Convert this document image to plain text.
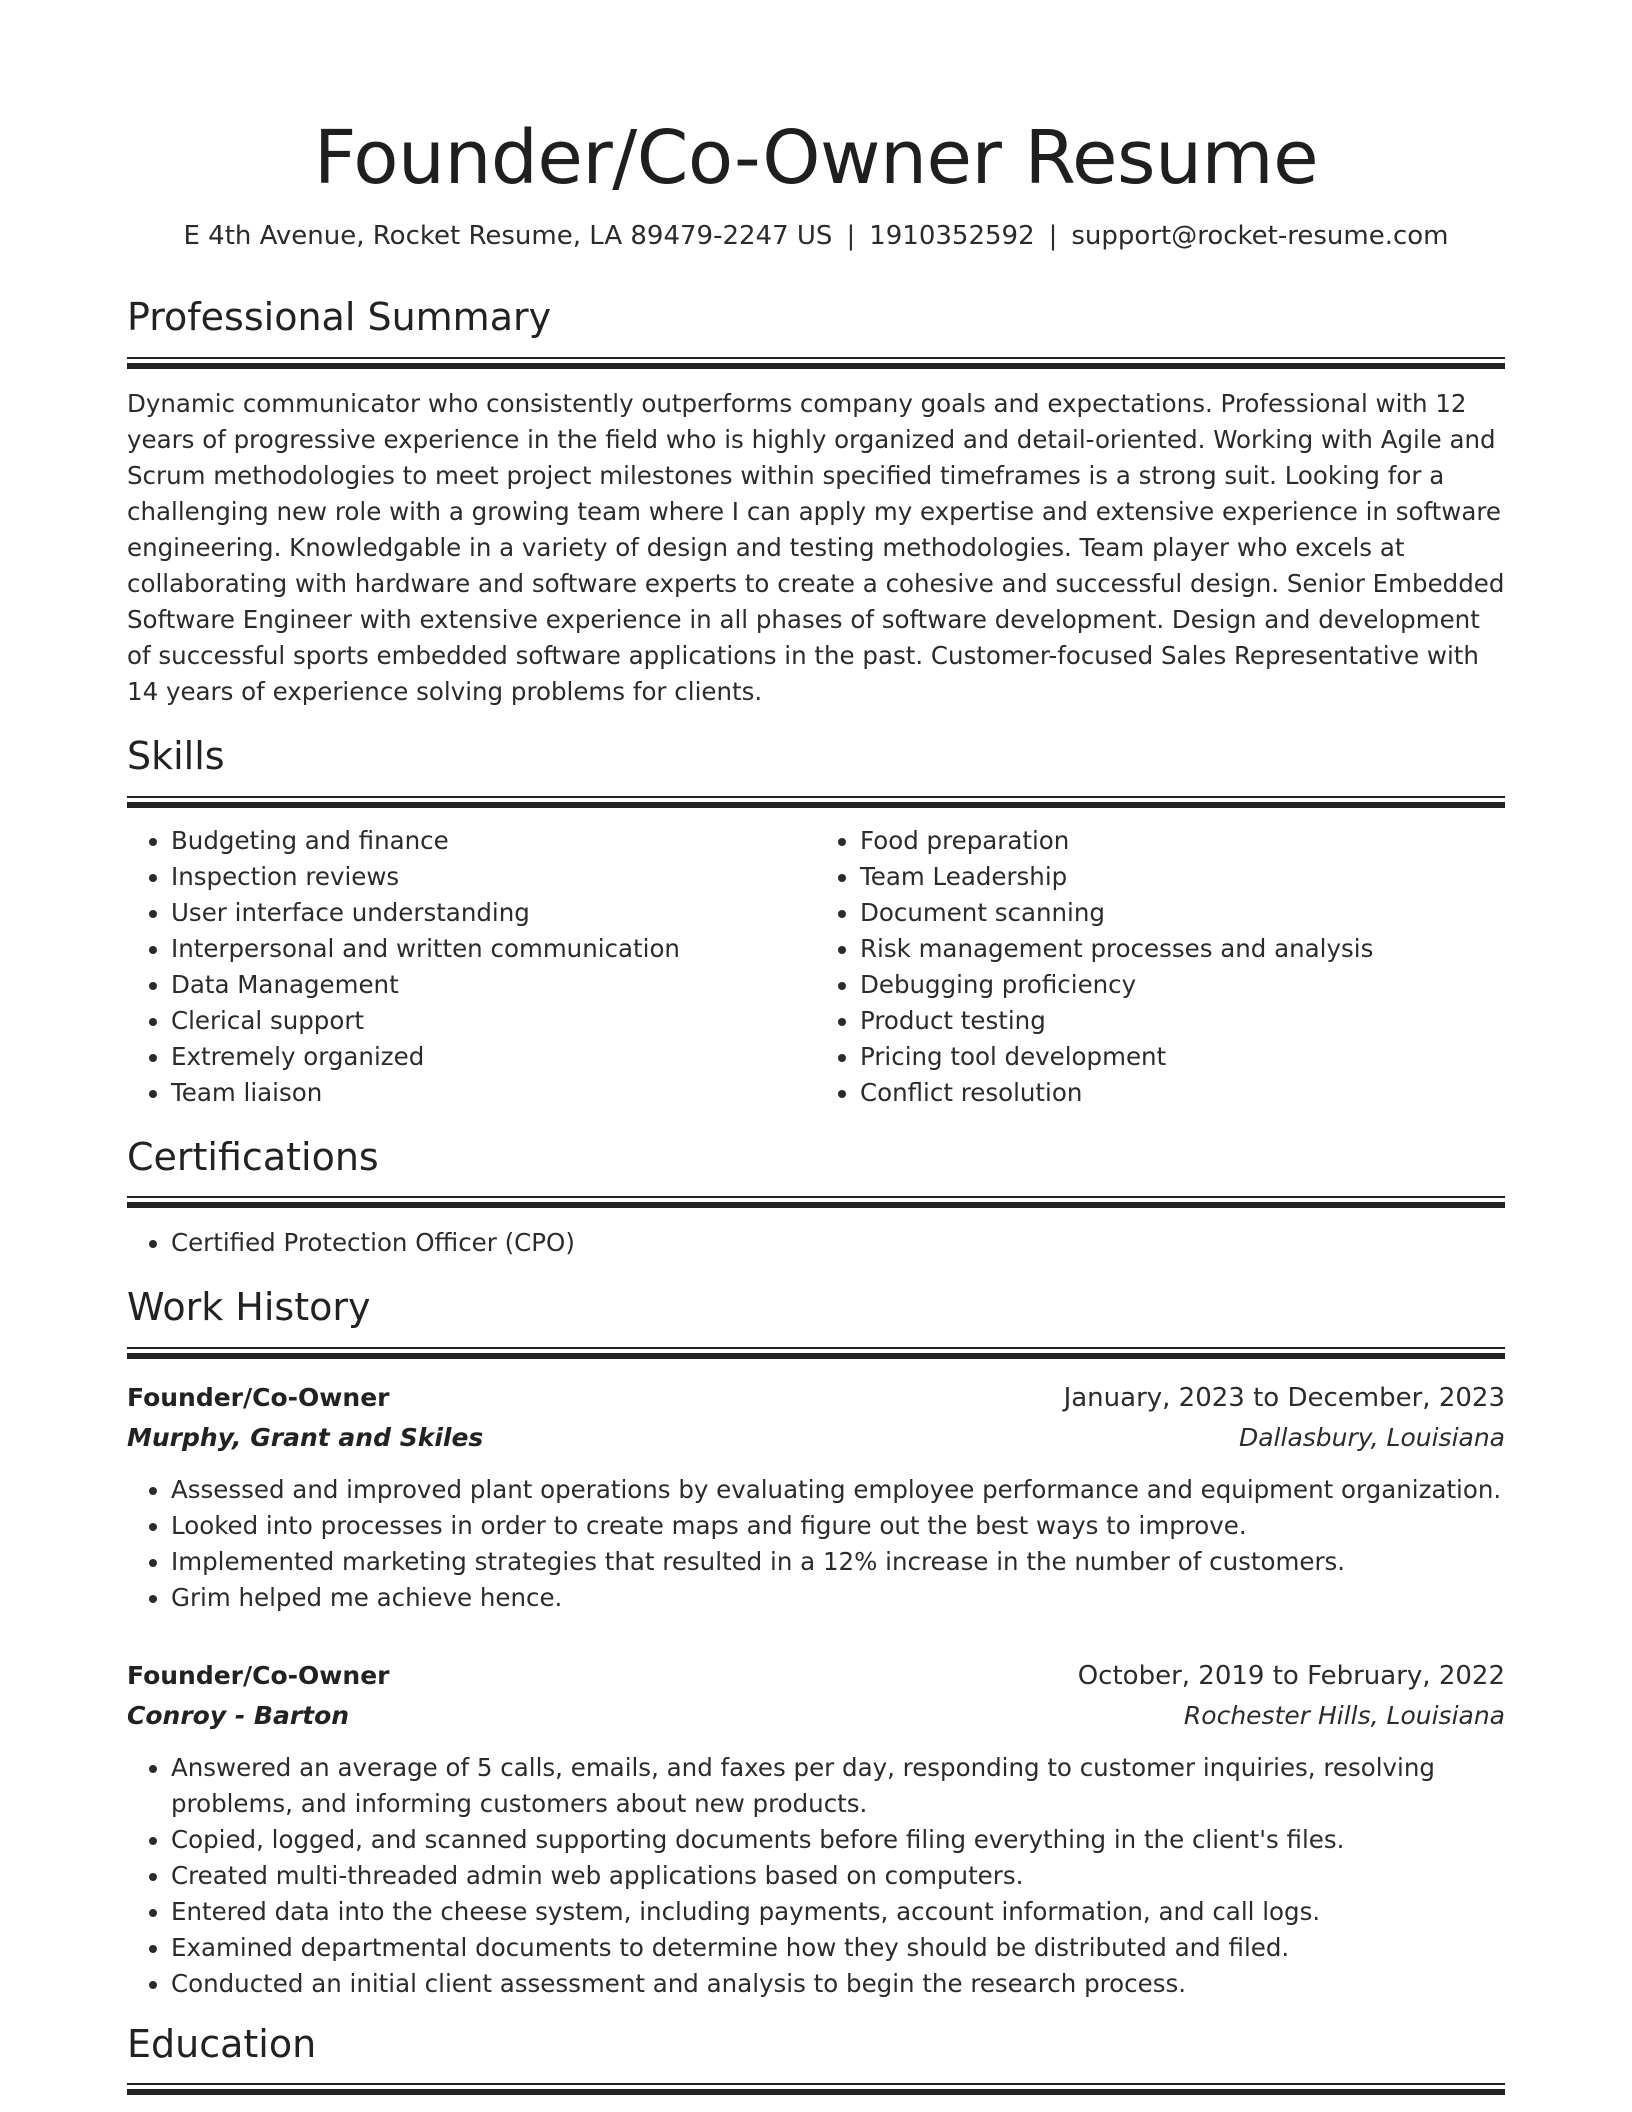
Founder/Co-Owner Resume
E 4th Avenue, Rocket Resume, LA 89479-2247 US | 1910352592 | support@rocket-resume.com
Professional Summary

Dynamic communicator who consistently outperforms company goals and expectations. Professional with 12 years of progressive experience in the field who is highly organized and detail-oriented. Working with Agile and Scrum methodologies to meet project milestones within specified timeframes is a strong suit. Looking for a challenging new role with a growing team where I can apply my expertise and extensive experience in software engineering. Knowledgable in a variety of design and testing methodologies. Team player who excels at collaborating with hardware and software experts to create a cohesive and successful design. Senior Embedded Software Engineer with extensive experience in all phases of software development. Design and development of successful sports embedded software applications in the past. Customer-focused Sales Representative with 14 years of experience solving problems for clients.

Skills
• Budgeting and finance
• Inspection reviews
• User interface understanding
• Interpersonal and written communication
• Data Management
• Clerical support
• Extremely organized
• Team liaison
• Food preparation
• Team Leadership
• Document scanning
• Risk management processes and analysis
• Debugging proficiency
• Product testing
• Pricing tool development
• Conflict resolution
Certifications
• Certified Protection Officer (CPO)
Work History
Founder/Co-Owner	January, 2023 to December, 2023
Murphy, Grant and Skiles	Dallasbury, Louisiana
• Assessed and improved plant operations by evaluating employee performance and equipment organization.
• Looked into processes in order to create maps and figure out the best ways to improve.
• Implemented marketing strategies that resulted in a 12% increase in the number of customers.
• Grim helped me achieve hence.
Founder/Co-Owner	October, 2019 to February, 2022
Conroy - Barton	Rochester Hills, Louisiana
• Answered an average of 5 calls, emails, and faxes per day, responding to customer inquiries, resolving problems, and informing customers about new products.
• Copied, logged, and scanned supporting documents before filing everything in the client's files.
• Created multi-threaded admin web applications based on computers.
• Entered data into the cheese system, including payments, account information, and call logs.
• Examined departmental documents to determine how they should be distributed and filed.
• Conducted an initial client assessment and analysis to begin the research process.
Education
